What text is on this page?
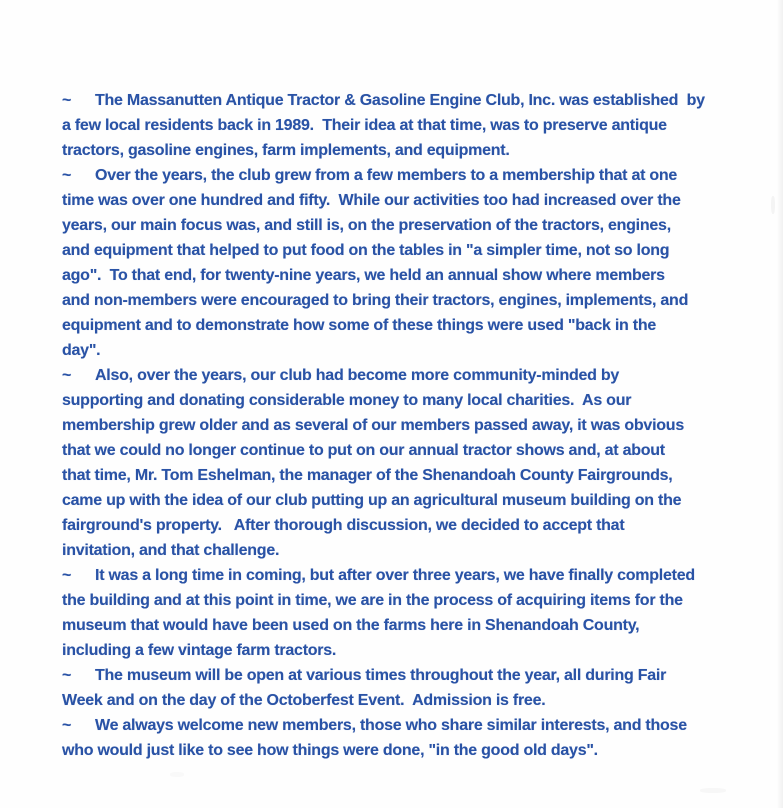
~ The Massanutten Antique Tractor & Gasoline Engine Club, Inc. was established  by
a few local residents back in 1989.  Their idea at that time, was to preserve antique
tractors, gasoline engines, farm implements, and equipment.
~ Over the years, the club grew from a few members to a membership that at one
time was over one hundred and fifty.  While our activities too had increased over the
years, our main focus was, and still is, on the preservation of the tractors, engines,
and equipment that helped to put food on the tables in "a simpler time, not so long
ago".  To that end, for twenty-nine years, we held an annual show where members
and non-members were encouraged to bring their tractors, engines, implements, and
equipment and to demonstrate how some of these things were used "back in the
day".
~ Also, over the years, our club had become more community-minded by
supporting and donating considerable money to many local charities.  As our
membership grew older and as several of our members passed away, it was obvious
that we could no longer continue to put on our annual tractor shows and, at about
that time, Mr. Tom Eshelman, the manager of the Shenandoah County Fairgrounds,
came up with the idea of our club putting up an agricultural museum building on the
fairground's property.   After thorough discussion, we decided to accept that
invitation, and that challenge.
~ It was a long time in coming, but after over three years, we have finally completed
the building and at this point in time, we are in the process of acquiring items for the
museum that would have been used on the farms here in Shenandoah County,
including a few vintage farm tractors.
~ The museum will be open at various times throughout the year, all during Fair
Week and on the day of the Octoberfest Event.  Admission is free.
~ We always welcome new members, those who share similar interests, and those
who would just like to see how things were done, "in the good old days".
